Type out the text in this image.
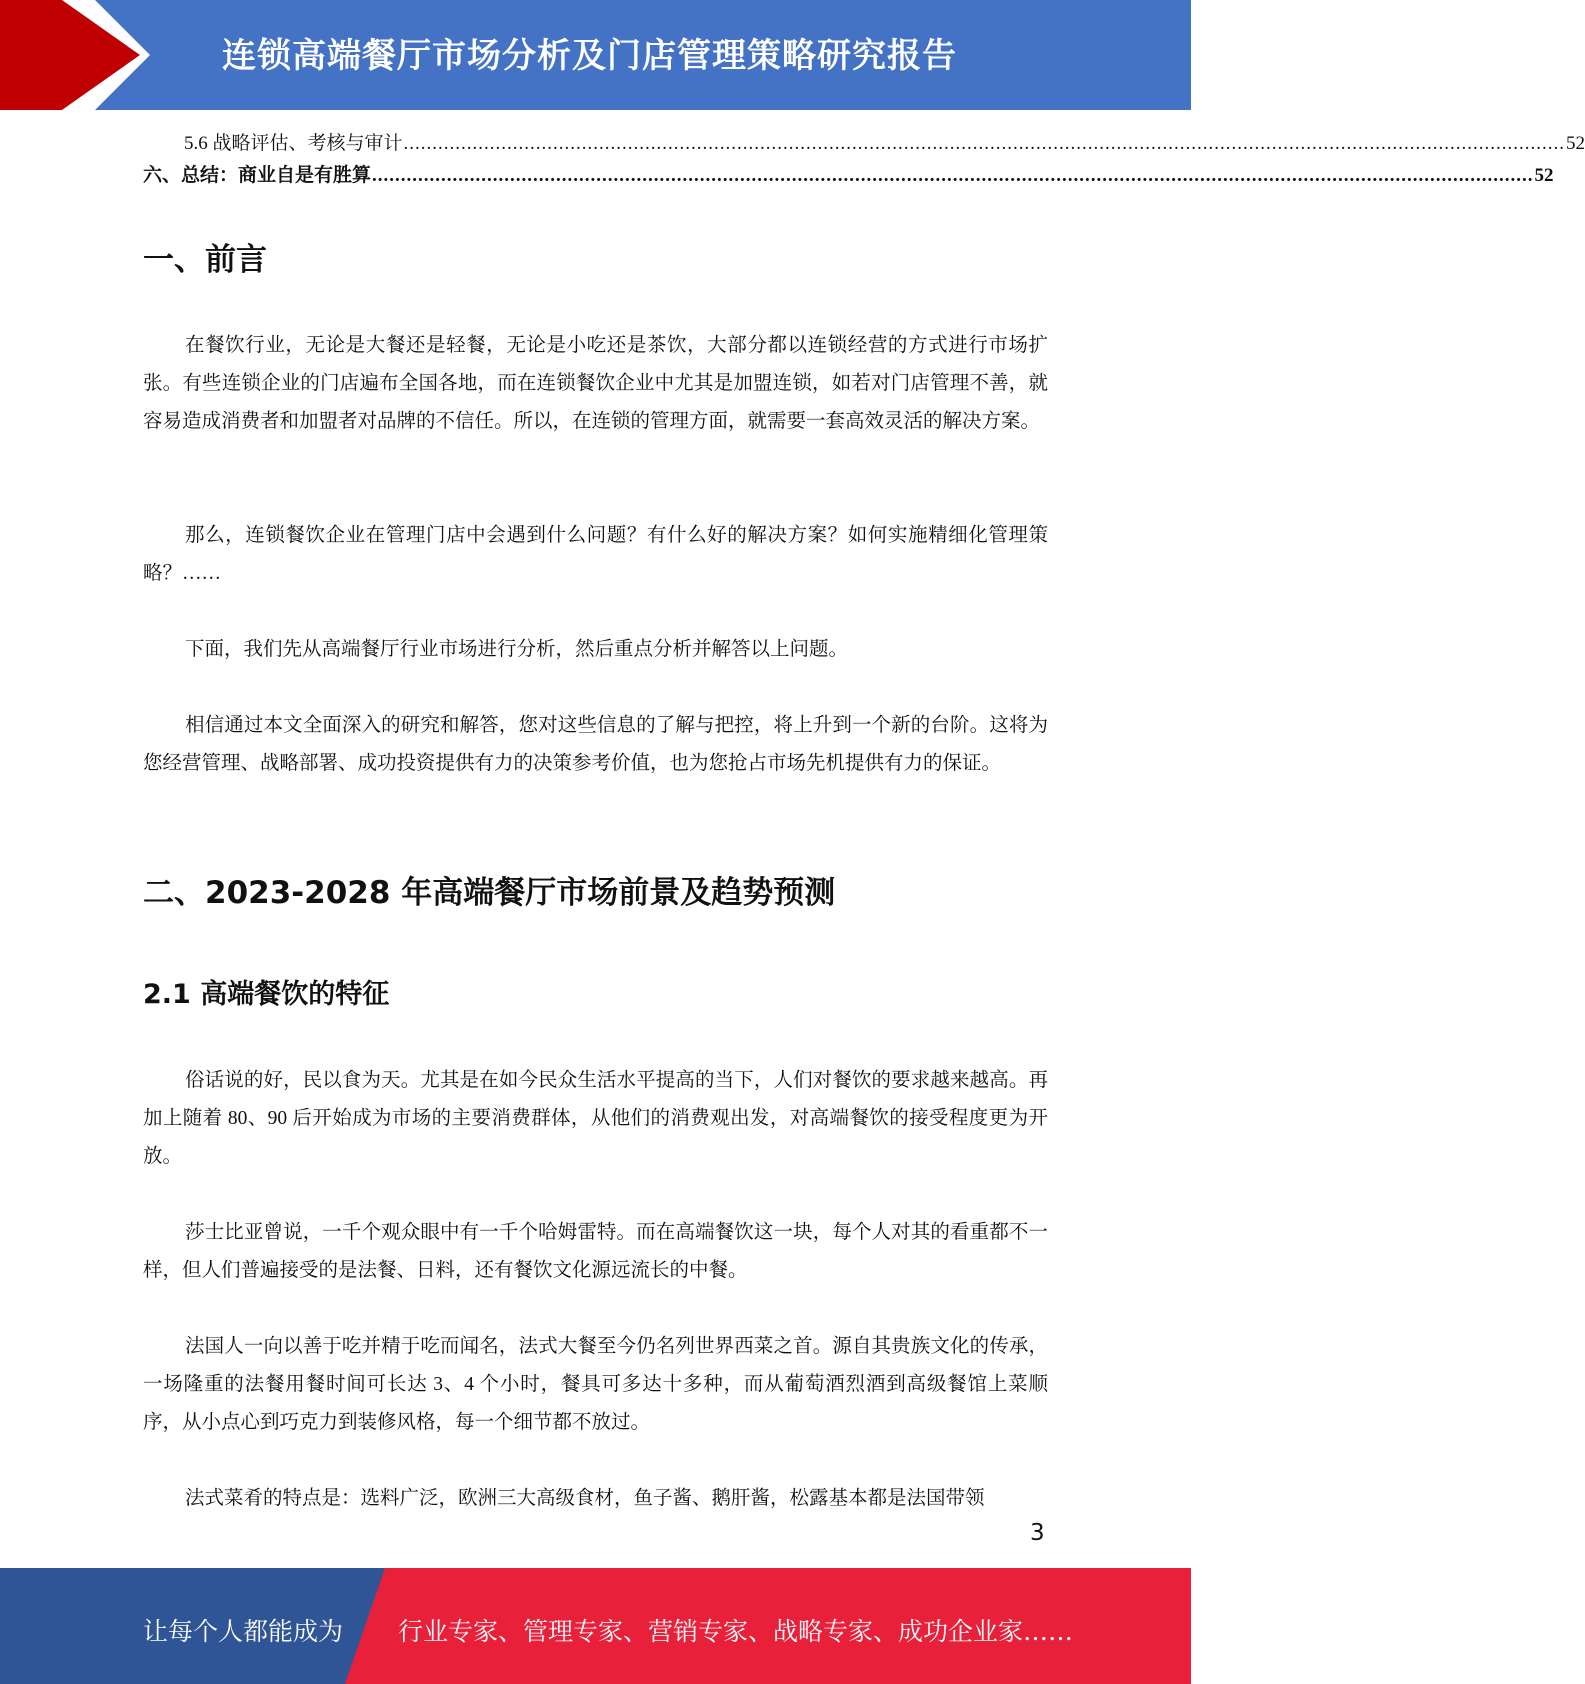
连锁高端餐厅市场分析及门店管理策略研究报告
5.6 战略评估、考核与审计 .......................................................................................................................................................................................................... 52
六、总结：商业自是有胜算 .......................................................................................................................................................................................................... 52
一、前言

在餐饮行业，无论是大餐还是轻餐，无论是小吃还是茶饮，大部分都以连锁经营的方式进行市场扩张。有些连锁企业的门店遍布全国各地，而在连锁餐饮企业中尤其是加盟连锁，如若对门店管理不善，就容易造成消费者和加盟者对品牌的不信任。所以，在连锁的管理方面，就需要一套高效灵活的解决方案。

那么，连锁餐饮企业在管理门店中会遇到什么问题？有什么好的解决方案？如何实施精细化管理策略？……

下面，我们先从高端餐厅行业市场进行分析，然后重点分析并解答以上问题。

相信通过本文全面深入的研究和解答，您对这些信息的了解与把控，将上升到一个新的台阶。这将为您经营管理、战略部署、成功投资提供有力的决策参考价值，也为您抢占市场先机提供有力的保证。

二、2023-2028 年高端餐厅市场前景及趋势预测
2.1 高端餐饮的特征

俗话说的好，民以食为天。尤其是在如今民众生活水平提高的当下，人们对餐饮的要求越来越高。再加上随着 80、90 后开始成为市场的主要消费群体，从他们的消费观出发，对高端餐饮的接受程度更为开放。

莎士比亚曾说，一千个观众眼中有一千个哈姆雷特。而在高端餐饮这一块，每个人对其的看重都不一样，但人们普遍接受的是法餐、日料，还有餐饮文化源远流长的中餐。

法国人一向以善于吃并精于吃而闻名，法式大餐至今仍名列世界西菜之首。源自其贵族文化的传承，一场隆重的法餐用餐时间可长达 3、4 个小时，餐具可多达十多种，而从葡萄酒烈酒到高级餐馆上菜顺序，从小点心到巧克力到装修风格，每一个细节都不放过。

法式菜肴的特点是：选料广泛，欧洲三大高级食材，鱼子酱、鹅肝酱，松露基本都是法国带领

3
让每个人都能成为 行业专家、管理专家、营销专家、战略专家、成功企业家……
